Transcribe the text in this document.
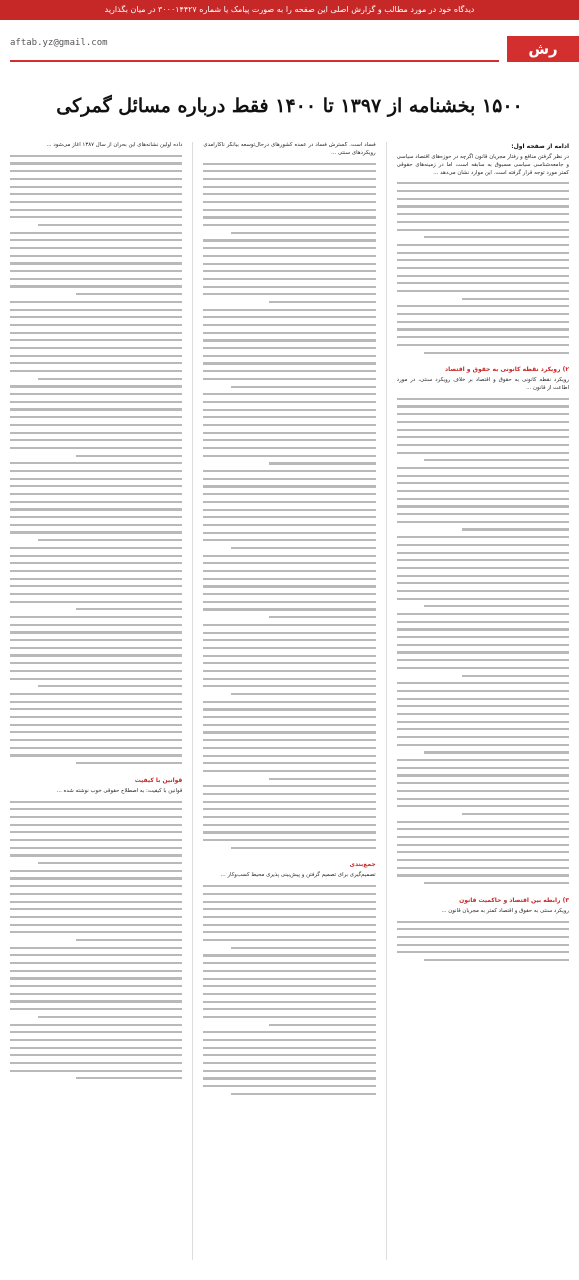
دیدگاه خود در مورد مطالب و گزارش اصلی این صفحه را به صورت پیامک یا شماره ۳۰۰۰۱۴۴۲۷ در میان بگذارید
رش
aftab.yz@gmail.com
۱۵۰۰ بخشنامه از ۱۳۹۷ تا ۱۴۰۰ فقط درباره مسائل گمرکی
ادامه از صفحه اول:

در نظر گرفتن منافع و رفتار مجریان قانون اگرچه در حوزه‌های اقتصاد سیاسی و جامعه‌شناسی سیاسی مسبوق به سابقه است، اما در زمینه‌های حقوقی کمتر مورد توجه قرار گرفته است. این موارد نشان می‌دهد ...

۲) رویکرد نقطه کانونی به حقوق و اقتصاد

رویکرد نقطه کانونی به حقوق و اقتصاد بر خلاف رویکرد سنتی، در مورد اطاعت از قانون ...

۳) رابطه بین اقتصاد و حاکمیت قانون

رویکرد سنتی به حقوق و اقتصاد کمتر به مجریان قانون ...

فساد است. گسترش فساد در عمده کشورهای درحال‌توسعه بیانگر ناکارآمدی رویکردهای سنتی ...

جمع‌بندی

تصمیم‌گیری برای تصمیم گرفتن و پیش‌بینی پذیری محیط کسب‌وکار ...

داده اولین نشانه‌های این بحران از سال ۱۳۸۷ آغاز می‌شود ...

قوانین با کیفیت

قوانین با کیفیت: به اصطلاح حقوقی خوب نوشته شده ...
